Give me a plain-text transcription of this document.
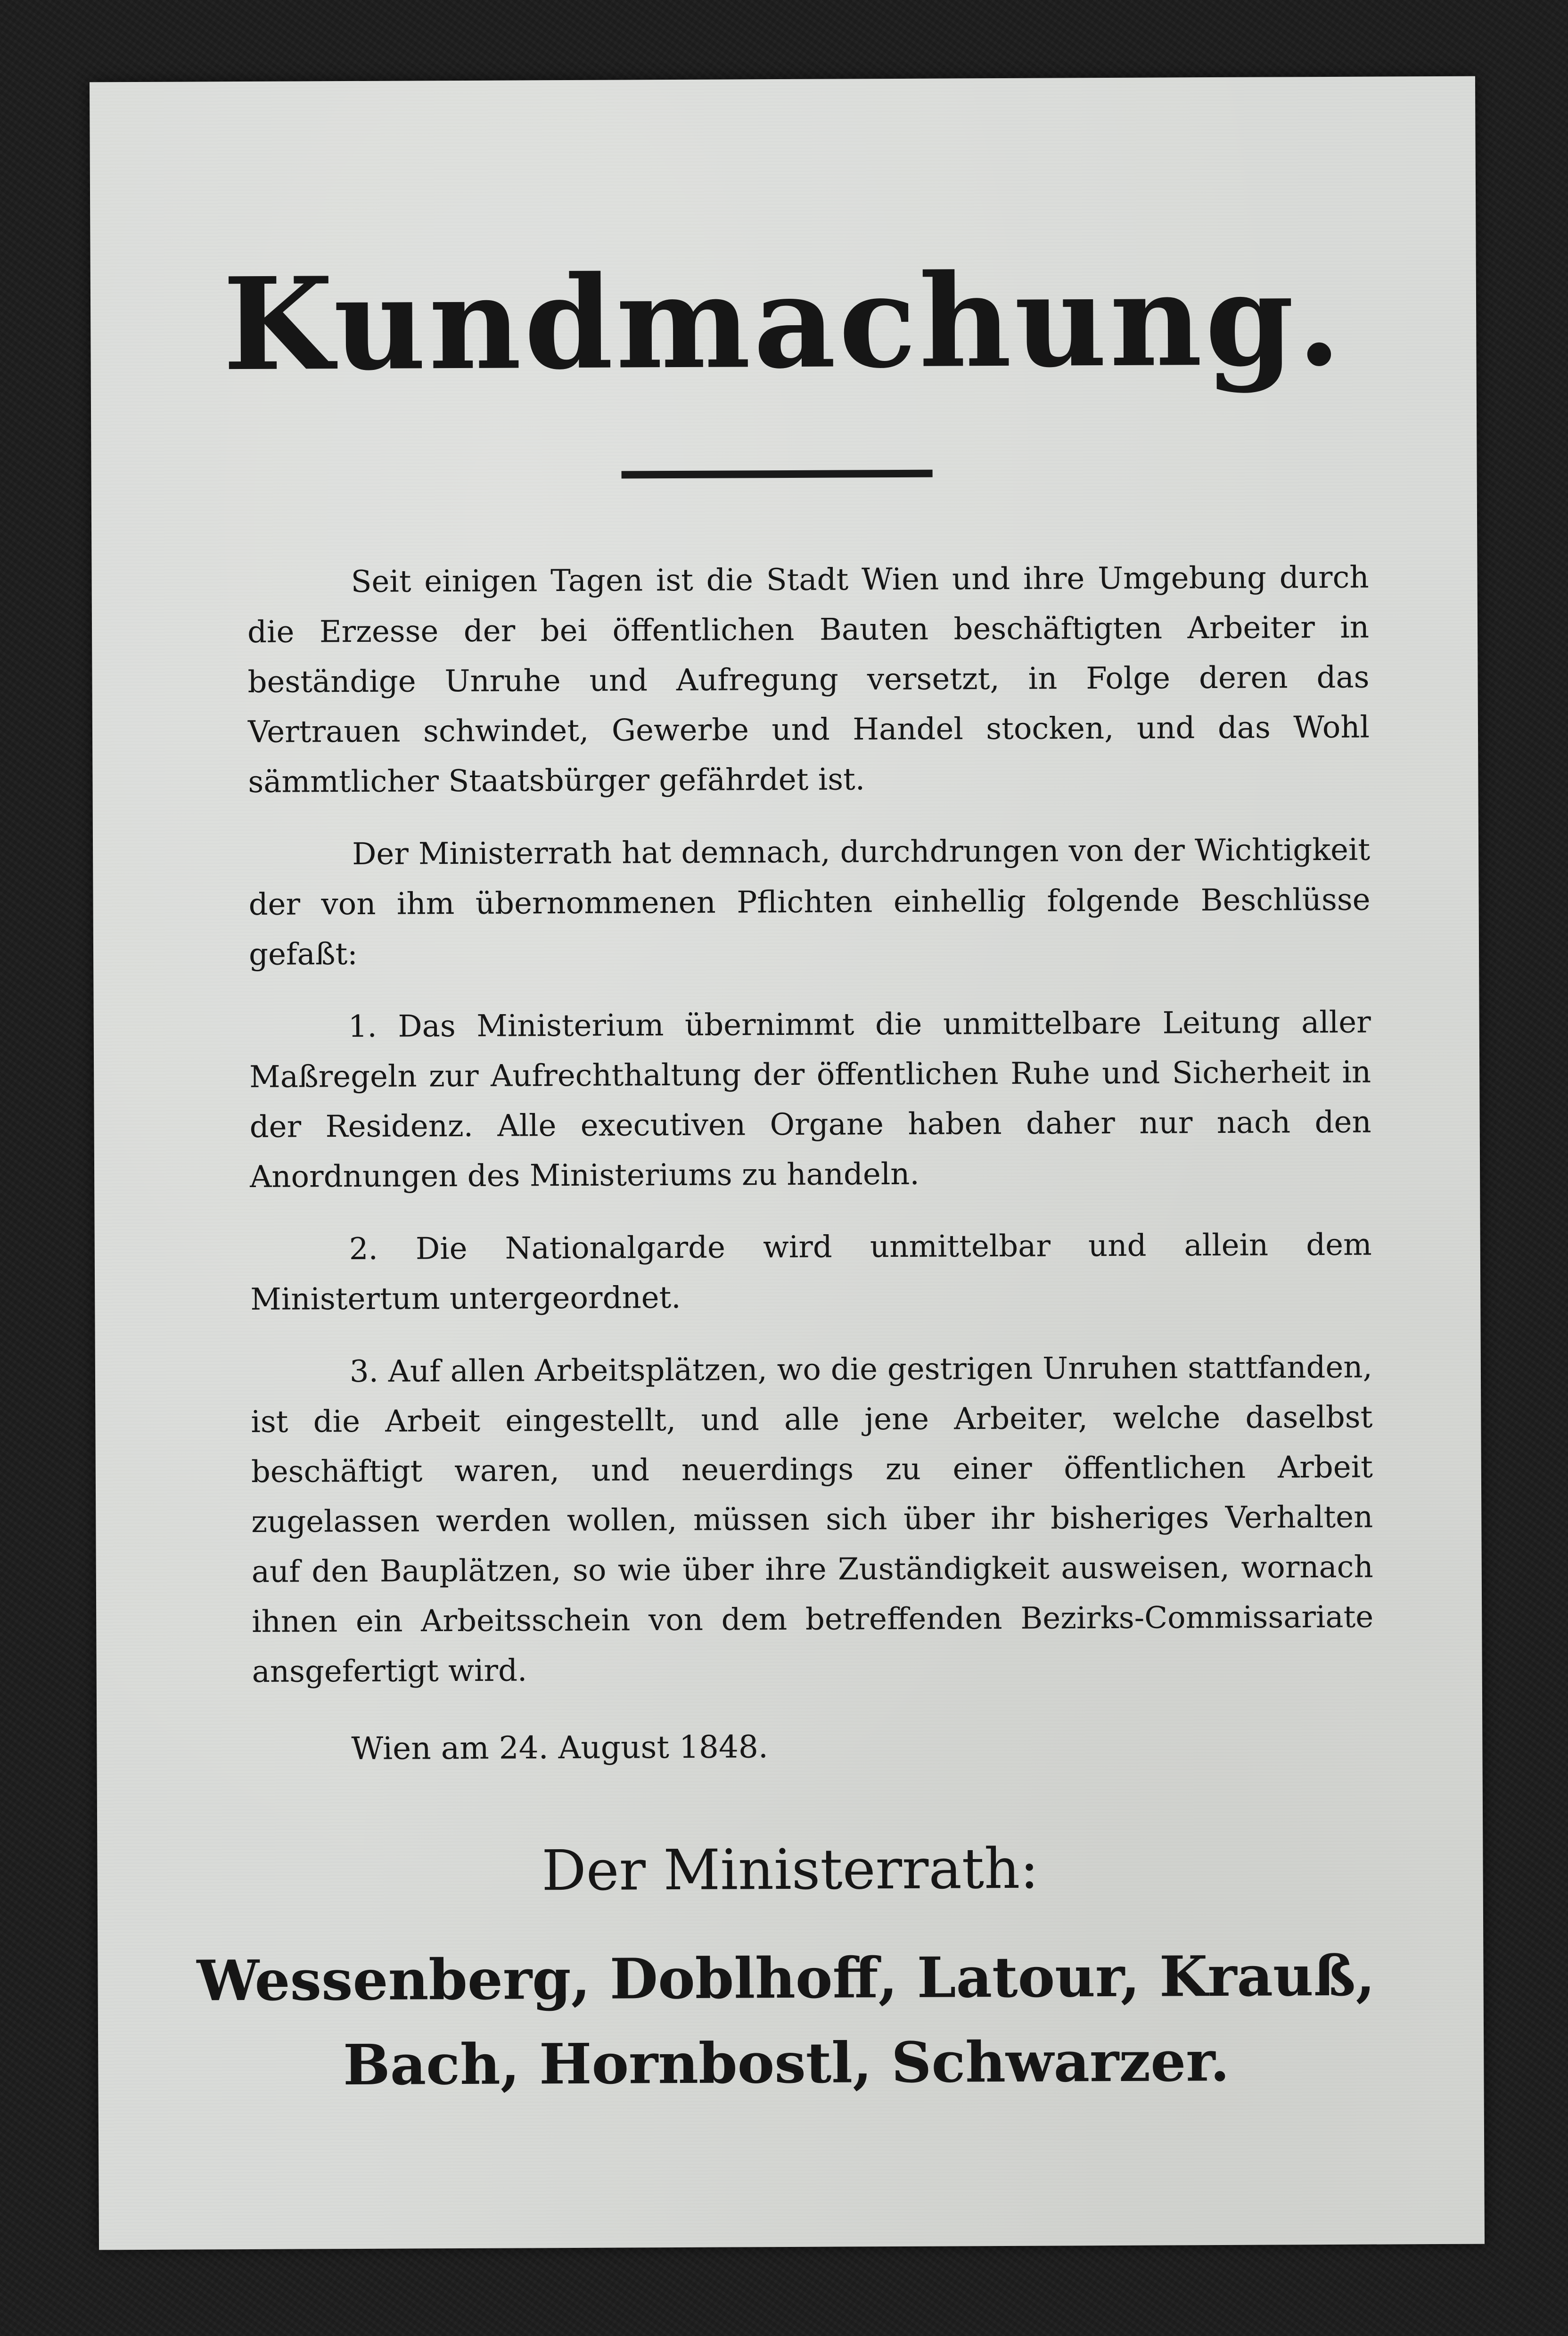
Kundmachung.

Seit einigen Tagen ist die Stadt Wien und ihre Umgebung durch die Erzesse der bei öffentlichen Bauten beschäftigten Arbeiter in beständige Unruhe und Aufregung versetzt, in Folge deren das Vertrauen schwindet, Gewerbe und Handel stocken, und das Wohl sämmtlicher Staatsbürger gefährdet ist.

Der Ministerrath hat demnach, durchdrungen von der Wichtigkeit der von ihm übernommenen Pflichten einhellig folgende Beschlüsse gefaßt:

1. Das Ministerium übernimmt die unmittelbare Leitung aller Maßregeln zur Aufrechthaltung der öffentlichen Ruhe und Sicherheit in der Residenz. Alle executiven Organe haben daher nur nach den Anordnungen des Ministeriums zu handeln.

2. Die Nationalgarde wird unmittelbar und allein dem Ministertum untergeordnet.

3. Auf allen Arbeitsplätzen, wo die gestrigen Unruhen stattfanden, ist die Arbeit eingestellt, und alle jene Arbeiter, welche daselbst beschäftigt waren, und neuerdings zu einer öffentlichen Arbeit zugelassen werden wollen, müssen sich über ihr bisheriges Verhalten auf den Bauplätzen, so wie über ihre Zuständigkeit ausweisen, wornach ihnen ein Arbeitsschein von dem betreffenden Bezirks-Commissariate ansgefertigt wird.

Wien am 24. August 1848.
Der Ministerrath:
Wessenberg, Doblhoff, Latour, Krauß,
Bach, Hornbostl, Schwarzer.
